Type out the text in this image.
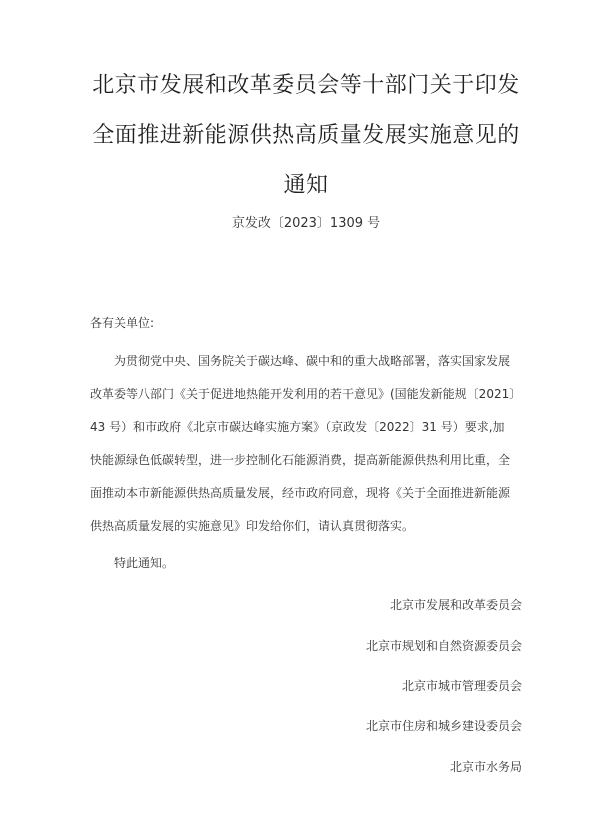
北京市发展和改革委员会等十部门关于印发
全面推进新能源供热高质量发展实施意见的
通知
京发改〔2023〕1309 号
各有关单位:
为贯彻党中央、国务院关于碳达峰、碳中和的重大战略部署，落实国家发展
改革委等八部门《关于促进地热能开发利用的若干意见》(国能发新能规〔2021〕
43 号）和市政府《北京市碳达峰实施方案》（京政发〔2022〕31 号）要求,加
快能源绿色低碳转型，进一步控制化石能源消费，提高新能源供热利用比重，全
面推动本市新能源供热高质量发展，经市政府同意，现将《关于全面推进新能源
供热高质量发展的实施意见》印发给你们，请认真贯彻落实。
特此通知。
北京市发展和改革委员会
北京市规划和自然资源委员会
北京市城市管理委员会
北京市住房和城乡建设委员会
北京市水务局
